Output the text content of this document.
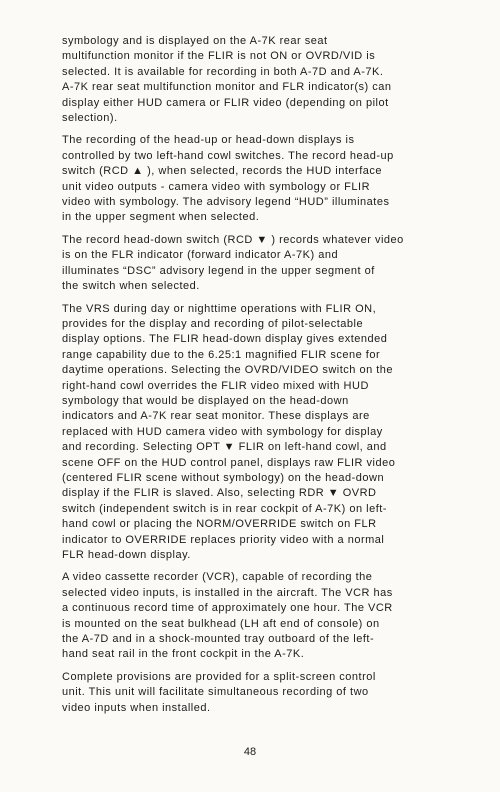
symbology and is displayed on the A-7K rear seat
multifunction monitor if the FLIR is not ON or OVRD/VID is
selected. It is available for recording in both A-7D and A-7K.
A-7K rear seat multifunction monitor and FLR indicator(s) can
display either HUD camera or FLIR video (depending on pilot
selection).
The recording of the head-up or head-down displays is
controlled by two left-hand cowl switches. The record head-up
switch (RCD ▲ ), when selected, records the HUD interface
unit video outputs - camera video with symbology or FLIR
video with symbology. The advisory legend “HUD” illuminates
in the upper segment when selected.
The record head-down switch (RCD ▼ ) records whatever video
is on the FLR indicator (forward indicator A-7K) and
illuminates “DSC” advisory legend in the upper segment of
the switch when selected.
The VRS during day or nighttime operations with FLIR ON,
provides for the display and recording of pilot-selectable
display options. The FLIR head-down display gives extended
range capability due to the 6.25:1 magnified FLIR scene for
daytime operations. Selecting the OVRD/VIDEO switch on the
right-hand cowl overrides the FLIR video mixed with HUD
symbology that would be displayed on the head-down
indicators and A-7K rear seat monitor. These displays are
replaced with HUD camera video with symbology for display
and recording. Selecting OPT ▼ FLIR on left-hand cowl, and
scene OFF on the HUD control panel, displays raw FLIR video
(centered FLIR scene without symbology) on the head-down
display if the FLIR is slaved. Also, selecting RDR ▼ OVRD
switch (independent switch is in rear cockpit of A-7K) on left-
hand cowl or placing the NORM/OVERRIDE switch on FLR
indicator to OVERRIDE replaces priority video with a normal
FLR head-down display.
A video cassette recorder (VCR), capable of recording the
selected video inputs, is installed in the aircraft. The VCR has
a continuous record time of approximately one hour. The VCR
is mounted on the seat bulkhead (LH aft end of console) on
the A-7D and in a shock-mounted tray outboard of the left-
hand seat rail in the front cockpit in the A-7K.
Complete provisions are provided for a split-screen control
unit. This unit will facilitate simultaneous recording of two
video inputs when installed.
48
